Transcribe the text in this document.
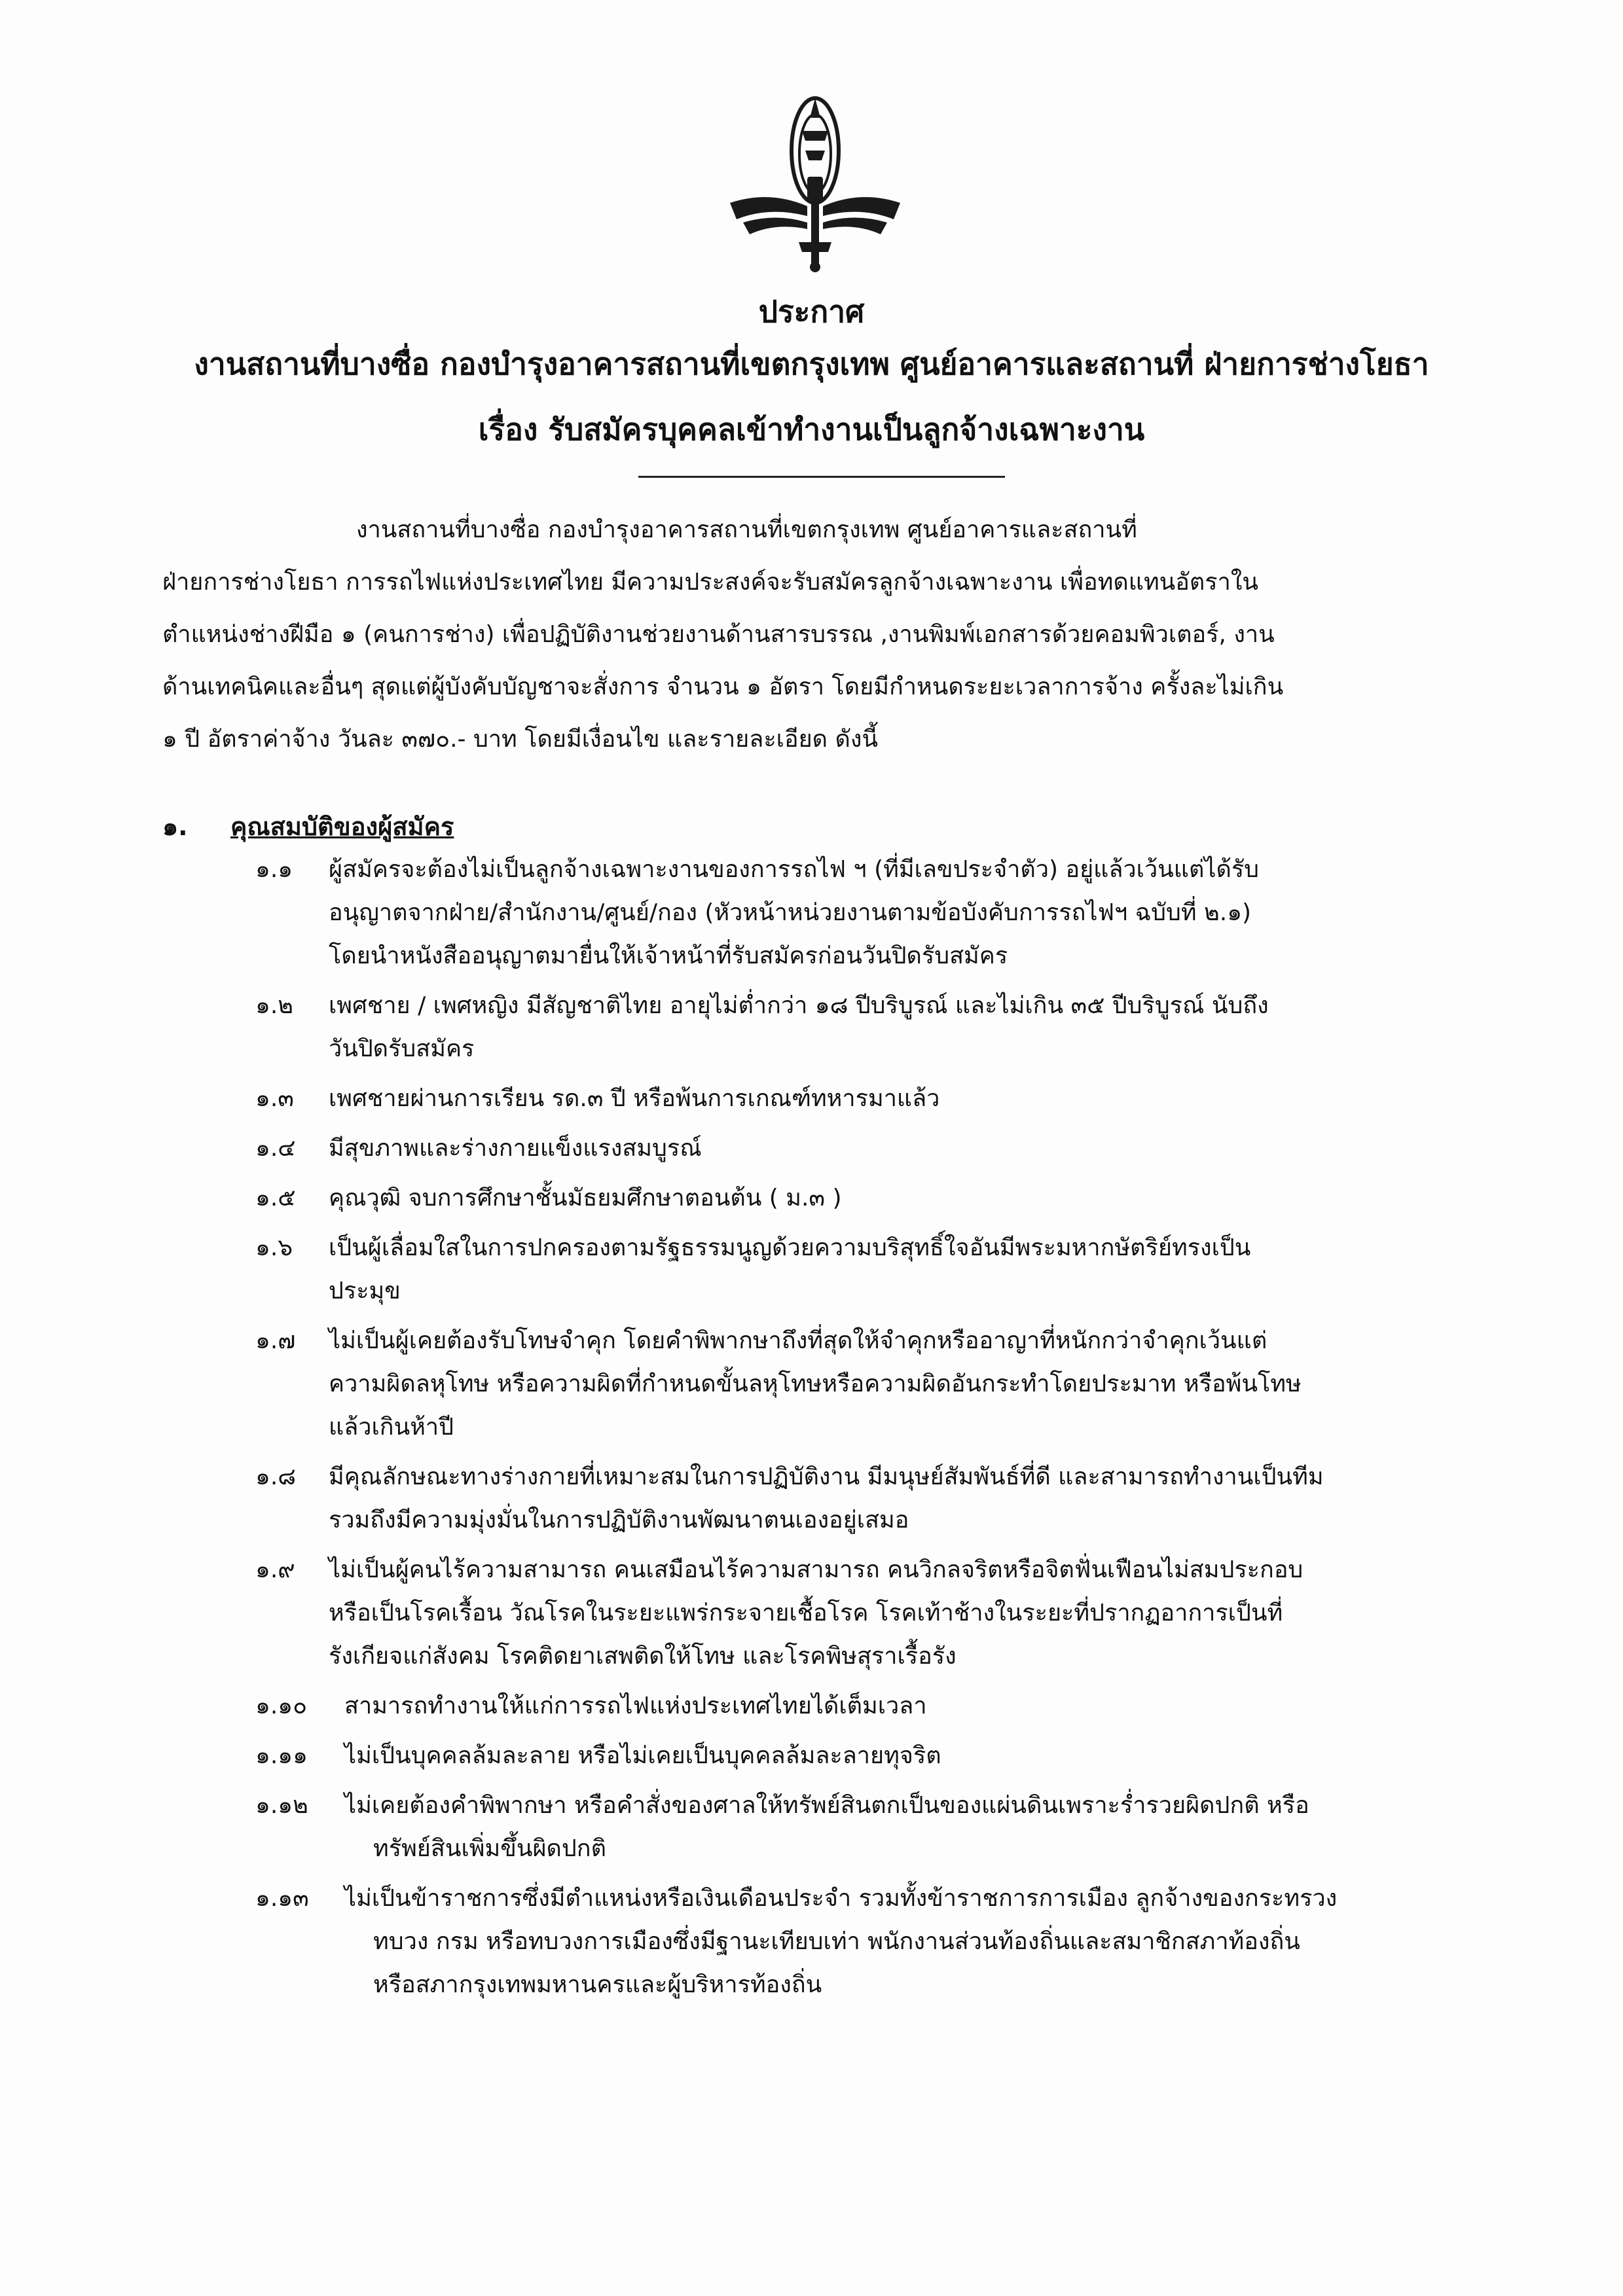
ประกาศ
งานสถานที่บางซื่อ กองบำรุงอาคารสถานที่เขตกรุงเทพ ศูนย์อาคารและสถานที่ ฝ่ายการช่างโยธา
เรื่อง รับสมัครบุคคลเข้าทำงานเป็นลูกจ้างเฉพาะงาน
งานสถานที่บางซื่อ กองบำรุงอาคารสถานที่เขตกรุงเทพ ศูนย์อาคารและสถานที่
ฝ่ายการช่างโยธา การรถไฟแห่งประเทศไทย มีความประสงค์จะรับสมัครลูกจ้างเฉพาะงาน เพื่อทดแทนอัตราใน
ตำแหน่งช่างฝีมือ ๑ (คนการช่าง) เพื่อปฏิบัติงานช่วยงานด้านสารบรรณ ,งานพิมพ์เอกสารด้วยคอมพิวเตอร์, งาน
ด้านเทคนิคและอื่นๆ สุดแต่ผู้บังคับบัญชาจะสั่งการ จำนวน ๑ อัตรา โดยมีกำหนดระยะเวลาการจ้าง ครั้งละไม่เกิน
๑ ปี อัตราค่าจ้าง วันละ ๓๗๐.- บาท โดยมีเงื่อนไข และรายละเอียด ดังนี้
๑. คุณสมบัติของผู้สมัคร
๑.๑	ผู้สมัครจะต้องไม่เป็นลูกจ้างเฉพาะงานของการรถไฟ ฯ (ที่มีเลขประจำตัว) อยู่แล้วเว้นแต่ได้รับ
อนุญาตจากฝ่าย/สำนักงาน/ศูนย์/กอง (หัวหน้าหน่วยงานตามข้อบังคับการรถไฟฯ ฉบับที่ ๒.๑)
โดยนำหนังสืออนุญาตมายื่นให้เจ้าหน้าที่รับสมัครก่อนวันปิดรับสมัคร
๑.๒	เพศชาย / เพศหญิง มีสัญชาติไทย อายุไม่ต่ำกว่า ๑๘ ปีบริบูรณ์ และไม่เกิน ๓๕ ปีบริบูรณ์ นับถึง
วันปิดรับสมัคร
๑.๓	เพศชายผ่านการเรียน รด.๓ ปี หรือพ้นการเกณฑ์ทหารมาแล้ว
๑.๔	มีสุขภาพและร่างกายแข็งแรงสมบูรณ์
๑.๕	คุณวุฒิ จบการศึกษาชั้นมัธยมศึกษาตอนต้น ( ม.๓ )
๑.๖	เป็นผู้เลื่อมใสในการปกครองตามรัฐธรรมนูญด้วยความบริสุทธิ์ใจอันมีพระมหากษัตริย์ทรงเป็น
ประมุข
๑.๗	ไม่เป็นผู้เคยต้องรับโทษจำคุก โดยคำพิพากษาถึงที่สุดให้จำคุกหรืออาญาที่หนักกว่าจำคุกเว้นแต่
ความผิดลหุโทษ หรือความผิดที่กำหนดขั้นลหุโทษหรือความผิดอันกระทำโดยประมาท หรือพ้นโทษ
แล้วเกินห้าปี
๑.๘	มีคุณลักษณะทางร่างกายที่เหมาะสมในการปฏิบัติงาน มีมนุษย์สัมพันธ์ที่ดี และสามารถทำงานเป็นทีม
รวมถึงมีความมุ่งมั่นในการปฏิบัติงานพัฒนาตนเองอยู่เสมอ
๑.๙	ไม่เป็นผู้คนไร้ความสามารถ คนเสมือนไร้ความสามารถ คนวิกลจริตหรือจิตฟั่นเฟือนไม่สมประกอบ
หรือเป็นโรคเรื้อน วัณโรคในระยะแพร่กระจายเชื้อโรค โรคเท้าช้างในระยะที่ปรากฏอาการเป็นที่
รังเกียจแก่สังคม โรคติดยาเสพติดให้โทษ และโรคพิษสุราเรื้อรัง
๑.๑๐	สามารถทำงานให้แก่การรถไฟแห่งประเทศไทยได้เต็มเวลา
๑.๑๑	ไม่เป็นบุคคลล้มละลาย หรือไม่เคยเป็นบุคคลล้มละลายทุจริต
๑.๑๒	ไม่เคยต้องคำพิพากษา หรือคำสั่งของศาลให้ทรัพย์สินตกเป็นของแผ่นดินเพราะร่ำรวยผิดปกติ หรือ
ทรัพย์สินเพิ่มขึ้นผิดปกติ
๑.๑๓	ไม่เป็นข้าราชการซึ่งมีตำแหน่งหรือเงินเดือนประจำ รวมทั้งข้าราชการการเมือง ลูกจ้างของกระทรวง
ทบวง กรม หรือทบวงการเมืองซึ่งมีฐานะเทียบเท่า พนักงานส่วนท้องถิ่นและสมาชิกสภาท้องถิ่น
หรือสภากรุงเทพมหานครและผู้บริหารท้องถิ่น
